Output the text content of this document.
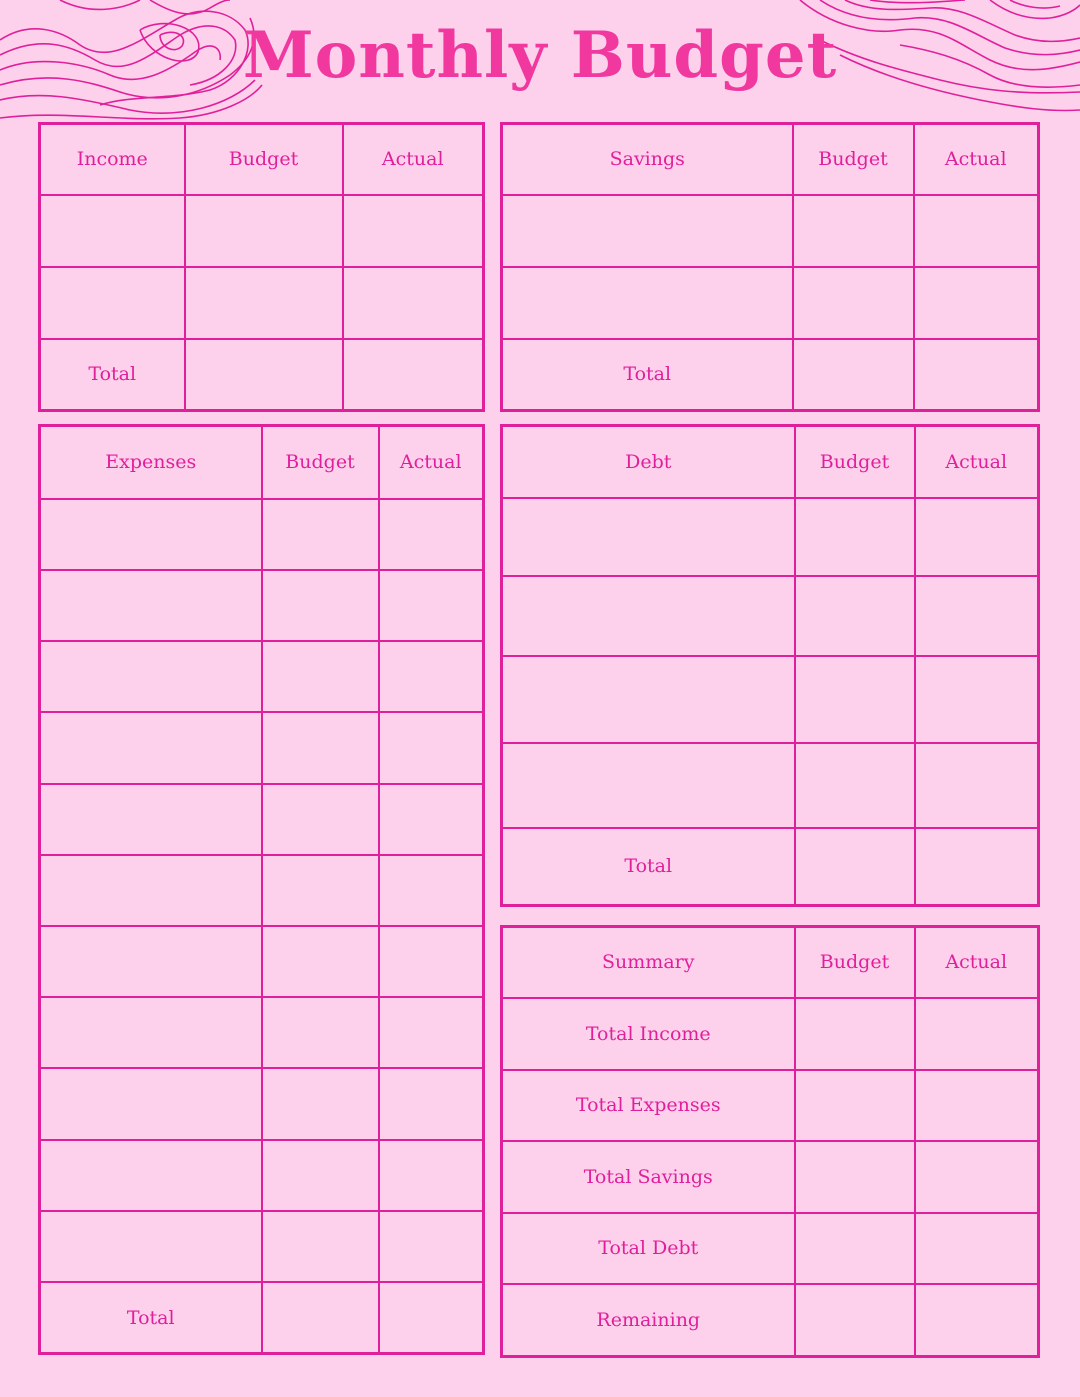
Monthly Budget
Income	Budget	Actual

Total		
Savings	Budget	Actual

Total		
Expenses	Budget	Actual

Total		
Debt	Budget	Actual

Total		
Summary	Budget	Actual
Total Income		
Total Expenses		
Total Savings		
Total Debt		
Remaining		
